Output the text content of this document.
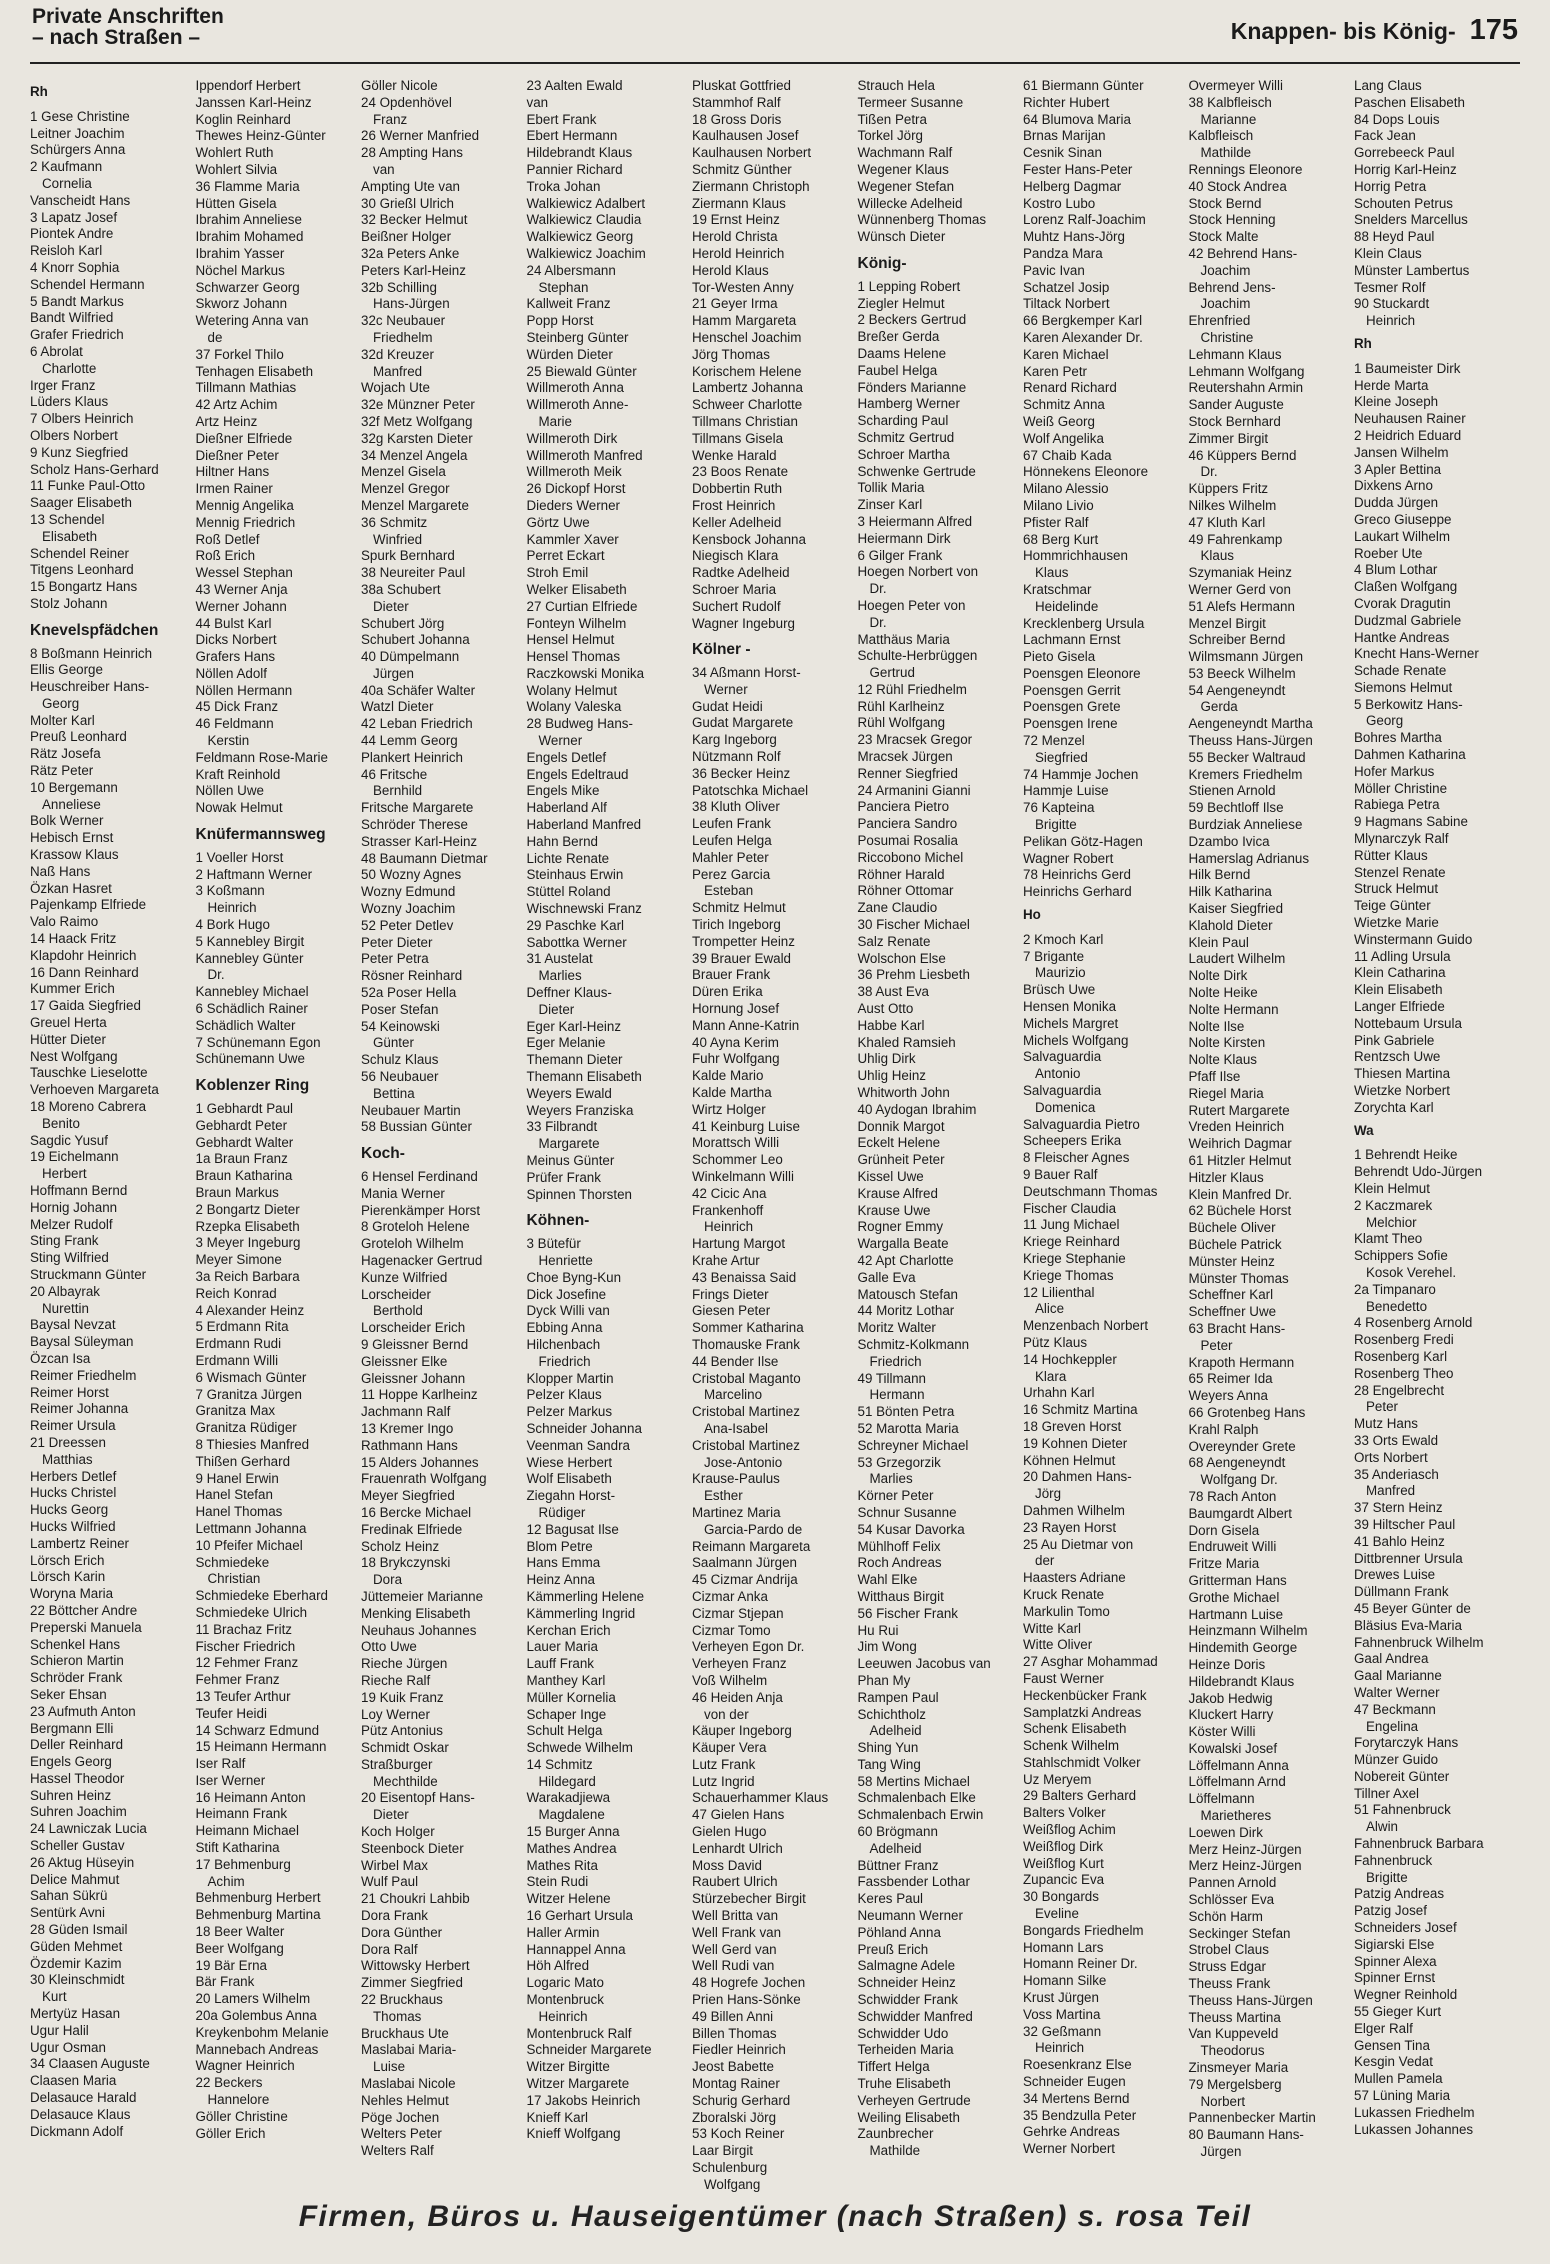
Private Anschriften
– nach Straßen –	Knappen- bis König- 175
Rh
1 Gese Christine
Leitner Joachim
Schürgers Anna
2 Kaufmann
Cornelia
Vanscheidt Hans
3 Lapatz Josef
Piontek Andre
Reisloh Karl
4 Knorr Sophia
Schendel Hermann
5 Bandt Markus
Bandt Wilfried
Grafer Friedrich
6 Abrolat
Charlotte
Irger Franz
Lüders Klaus
7 Olbers Heinrich
Olbers Norbert
9 Kunz Siegfried
Scholz Hans-Gerhard
11 Funke Paul-Otto
Saager Elisabeth
13 Schendel
Elisabeth
Schendel Reiner
Titgens Leonhard
15 Bongartz Hans
Stolz Johann
Knevelspfädchen
8 Boßmann Heinrich
Ellis George
Heuschreiber Hans-
Georg
Molter Karl
Preuß Leonhard
Rätz Josefa
Rätz Peter
10 Bergemann
Anneliese
Bolk Werner
Hebisch Ernst
Krassow Klaus
Naß Hans
Özkan Hasret
Pajenkamp Elfriede
Valo Raimo
14 Haack Fritz
Klapdohr Heinrich
16 Dann Reinhard
Kummer Erich
17 Gaida Siegfried
Greuel Herta
Hütter Dieter
Nest Wolfgang
Tauschke Lieselotte
Verhoeven Margareta
18 Moreno Cabrera
Benito
Sagdic Yusuf
19 Eichelmann
Herbert
Hoffmann Bernd
Hornig Johann
Melzer Rudolf
Sting Frank
Sting Wilfried
Struckmann Günter
20 Albayrak
Nurettin
Baysal Nevzat
Baysal Süleyman
Özcan Isa
Reimer Friedhelm
Reimer Horst
Reimer Johanna
Reimer Ursula
21 Dreessen
Matthias
Herbers Detlef
Hucks Christel
Hucks Georg
Hucks Wilfried
Lambertz Reiner
Lörsch Erich
Lörsch Karin
Woryna Maria
22 Böttcher Andre
Preperski Manuela
Schenkel Hans
Schieron Martin
Schröder Frank
Seker Ehsan
23 Aufmuth Anton
Bergmann Elli
Deller Reinhard
Engels Georg
Hassel Theodor
Suhren Heinz
Suhren Joachim
24 Lawniczak Lucia
Scheller Gustav
26 Aktug Hüseyin
Delice Mahmut
Sahan Sükrü
Sentürk Avni
28 Güden Ismail
Güden Mehmet
Özdemir Kazim
30 Kleinschmidt
Kurt
Mertyüz Hasan
Ugur Halil
Ugur Osman
34 Claasen Auguste
Claasen Maria
Delasauce Harald
Delasauce Klaus
Dickmann Adolf
Ippendorf Herbert
Janssen Karl-Heinz
Koglin Reinhard
Thewes Heinz-Günter
Wohlert Ruth
Wohlert Silvia
36 Flamme Maria
Hütten Gisela
Ibrahim Anneliese
Ibrahim Mohamed
Ibrahim Yasser
Nöchel Markus
Schwarzer Georg
Skworz Johann
Wetering Anna van
de
37 Forkel Thilo
Tenhagen Elisabeth
Tillmann Mathias
42 Artz Achim
Artz Heinz
Dießner Elfriede
Dießner Peter
Hiltner Hans
Irmen Rainer
Mennig Angelika
Mennig Friedrich
Roß Detlef
Roß Erich
Wessel Stephan
43 Werner Anja
Werner Johann
44 Bulst Karl
Dicks Norbert
Grafers Hans
Nöllen Adolf
Nöllen Hermann
45 Dick Franz
46 Feldmann
Kerstin
Feldmann Rose-Marie
Kraft Reinhold
Nöllen Uwe
Nowak Helmut
Knüfermannsweg
1 Voeller Horst
2 Haftmann Werner
3 Koßmann
Heinrich
4 Bork Hugo
5 Kannebley Birgit
Kannebley Günter
Dr.
Kannebley Michael
6 Schädlich Rainer
Schädlich Walter
7 Schünemann Egon
Schünemann Uwe
Koblenzer Ring
1 Gebhardt Paul
Gebhardt Peter
Gebhardt Walter
1a Braun Franz
Braun Katharina
Braun Markus
2 Bongartz Dieter
Rzepka Elisabeth
3 Meyer Ingeburg
Meyer Simone
3a Reich Barbara
Reich Konrad
4 Alexander Heinz
5 Erdmann Rita
Erdmann Rudi
Erdmann Willi
6 Wismach Günter
7 Granitza Jürgen
Granitza Max
Granitza Rüdiger
8 Thiesies Manfred
Thißen Gerhard
9 Hanel Erwin
Hanel Stefan
Hanel Thomas
Lettmann Johanna
10 Pfeifer Michael
Schmiedeke
Christian
Schmiedeke Eberhard
Schmiedeke Ulrich
11 Brachaz Fritz
Fischer Friedrich
12 Fehmer Franz
Fehmer Franz
13 Teufer Arthur
Teufer Heidi
14 Schwarz Edmund
15 Heimann Hermann
Iser Ralf
Iser Werner
16 Heimann Anton
Heimann Frank
Heimann Michael
Stift Katharina
17 Behmenburg
Achim
Behmenburg Herbert
Behmenburg Martina
18 Beer Walter
Beer Wolfgang
19 Bär Erna
Bär Frank
20 Lamers Wilhelm
20a Golembus Anna
Kreykenbohm Melanie
Mannebach Andreas
Wagner Heinrich
22 Beckers
Hannelore
Göller Christine
Göller Erich
Göller Nicole
24 Opdenhövel
Franz
26 Werner Manfried
28 Ampting Hans
van
Ampting Ute van
30 Grießl Ulrich
32 Becker Helmut
Beißner Holger
32a Peters Anke
Peters Karl-Heinz
32b Schilling
Hans-Jürgen
32c Neubauer
Friedhelm
32d Kreuzer
Manfred
Wojach Ute
32e Münzner Peter
32f Metz Wolfgang
32g Karsten Dieter
34 Menzel Angela
Menzel Gisela
Menzel Gregor
Menzel Margarete
36 Schmitz
Winfried
Spurk Bernhard
38 Neureiter Paul
38a Schubert
Dieter
Schubert Jörg
Schubert Johanna
40 Dümpelmann
Jürgen
40a Schäfer Walter
Watzl Dieter
42 Leban Friedrich
44 Lemm Georg
Plankert Heinrich
46 Fritsche
Bernhild
Fritsche Margarete
Schröder Therese
Strasser Karl-Heinz
48 Baumann Dietmar
50 Wozny Agnes
Wozny Edmund
Wozny Joachim
52 Peter Detlev
Peter Dieter
Peter Petra
Rösner Reinhard
52a Poser Hella
Poser Stefan
54 Keinowski
Günter
Schulz Klaus
56 Neubauer
Bettina
Neubauer Martin
58 Bussian Günter
Koch-
6 Hensel Ferdinand
Mania Werner
Pierenkämper Horst
8 Groteloh Helene
Groteloh Wilhelm
Hagenacker Gertrud
Kunze Wilfried
Lorscheider
Berthold
Lorscheider Erich
9 Gleissner Bernd
Gleissner Elke
Gleissner Johann
11 Hoppe Karlheinz
Jachmann Ralf
13 Kremer Ingo
Rathmann Hans
15 Alders Johannes
Frauenrath Wolfgang
Meyer Siegfried
16 Bercke Michael
Fredinak Elfriede
Scholz Heinz
18 Brykczynski
Dora
Jüttemeier Marianne
Menking Elisabeth
Neuhaus Johannes
Otto Uwe
Rieche Jürgen
Rieche Ralf
19 Kuik Franz
Loy Werner
Pütz Antonius
Schmidt Oskar
Straßburger
Mechthilde
20 Eisentopf Hans-
Dieter
Koch Holger
Steenbock Dieter
Wirbel Max
Wulf Paul
21 Choukri Lahbib
Dora Frank
Dora Günther
Dora Ralf
Wittowsky Herbert
Zimmer Siegfried
22 Bruckhaus
Thomas
Bruckhaus Ute
Maslabai Maria-
Luise
Maslabai Nicole
Nehles Helmut
Pöge Jochen
Welters Peter
Welters Ralf
23 Aalten Ewald
van
Ebert Frank
Ebert Hermann
Hildebrandt Klaus
Pannier Richard
Troka Johan
Walkiewicz Adalbert
Walkiewicz Claudia
Walkiewicz Georg
Walkiewicz Joachim
24 Albersmann
Stephan
Kallweit Franz
Popp Horst
Steinberg Günter
Würden Dieter
25 Biewald Günter
Willmeroth Anna
Willmeroth Anne-
Marie
Willmeroth Dirk
Willmeroth Manfred
Willmeroth Meik
26 Dickopf Horst
Dieders Werner
Görtz Uwe
Kammler Xaver
Perret Eckart
Stroh Emil
Welker Elisabeth
27 Curtian Elfriede
Fonteyn Wilhelm
Hensel Helmut
Hensel Thomas
Raczkowski Monika
Wolany Helmut
Wolany Valeska
28 Budweg Hans-
Werner
Engels Detlef
Engels Edeltraud
Engels Mike
Haberland Alf
Haberland Manfred
Hahn Bernd
Lichte Renate
Steinhaus Erwin
Stüttel Roland
Wischnewski Franz
29 Paschke Karl
Sabottka Werner
31 Austelat
Marlies
Deffner Klaus-
Dieter
Eger Karl-Heinz
Eger Melanie
Themann Dieter
Themann Elisabeth
Weyers Ewald
Weyers Franziska
33 Filbrandt
Margarete
Meinus Günter
Prüfer Frank
Spinnen Thorsten
Köhnen-
3 Bütefür
Henriette
Choe Byng-Kun
Dick Josefine
Dyck Willi van
Ebbing Anna
Hilchenbach
Friedrich
Klopper Martin
Pelzer Klaus
Pelzer Markus
Schneider Johanna
Veenman Sandra
Wiese Herbert
Wolf Elisabeth
Ziegahn Horst-
Rüdiger
12 Bagusat Ilse
Blom Petre
Hans Emma
Heinz Anna
Kämmerling Helene
Kämmerling Ingrid
Kerchan Erich
Lauer Maria
Lauff Frank
Manthey Karl
Müller Kornelia
Schaper Inge
Schult Helga
Schwede Wilhelm
14 Schmitz
Hildegard
Warakadjiewa
Magdalene
15 Burger Anna
Mathes Andrea
Mathes Rita
Stein Rudi
Witzer Helene
16 Gerhart Ursula
Haller Armin
Hannappel Anna
Höh Alfred
Logaric Mato
Montenbruck
Heinrich
Montenbruck Ralf
Schneider Margarete
Witzer Birgitte
Witzer Margarete
17 Jakobs Heinrich
Knieff Karl
Knieff Wolfgang
Pluskat Gottfried
Stammhof Ralf
18 Gross Doris
Kaulhausen Josef
Kaulhausen Norbert
Schmitz Günther
Ziermann Christoph
Ziermann Klaus
19 Ernst Heinz
Herold Christa
Herold Heinrich
Herold Klaus
Tor-Westen Anny
21 Geyer Irma
Hamm Margareta
Henschel Joachim
Jörg Thomas
Korischem Helene
Lambertz Johanna
Schweer Charlotte
Tillmans Christian
Tillmans Gisela
Wenke Harald
23 Boos Renate
Dobbertin Ruth
Frost Heinrich
Keller Adelheid
Kensbock Johanna
Niegisch Klara
Radtke Adelheid
Schroer Maria
Suchert Rudolf
Wagner Ingeburg
Kölner -
34 Aßmann Horst-
Werner
Gudat Heidi
Gudat Margarete
Karg Ingeborg
Nützmann Rolf
36 Becker Heinz
Patotschka Michael
38 Kluth Oliver
Leufen Frank
Leufen Helga
Mahler Peter
Perez Garcia
Esteban
Schmitz Helmut
Tirich Ingeborg
Trompetter Heinz
39 Brauer Ewald
Brauer Frank
Düren Erika
Hornung Josef
Mann Anne-Katrin
40 Ayna Kerim
Fuhr Wolfgang
Kalde Mario
Kalde Martha
Wirtz Holger
41 Keinburg Luise
Morattsch Willi
Schommer Leo
Winkelmann Willi
42 Cicic Ana
Frankenhoff
Heinrich
Hartung Margot
Krahe Artur
43 Benaissa Said
Frings Dieter
Giesen Peter
Sommer Katharina
Thomauske Frank
44 Bender Ilse
Cristobal Maganto
Marcelino
Cristobal Martinez
Ana-Isabel
Cristobal Martinez
Jose-Antonio
Krause-Paulus
Esther
Martinez Maria
Garcia-Pardo de
Reimann Margareta
Saalmann Jürgen
45 Cizmar Andrija
Cizmar Anka
Cizmar Stjepan
Cizmar Tomo
Verheyen Egon Dr.
Verheyen Franz
Voß Wilhelm
46 Heiden Anja
von der
Käuper Ingeborg
Käuper Vera
Lutz Frank
Lutz Ingrid
Schauerhammer Klaus
47 Gielen Hans
Gielen Hugo
Lenhardt Ulrich
Moss David
Raubert Ulrich
Stürzebecher Birgit
Well Britta van
Well Frank van
Well Gerd van
Well Rudi van
48 Hogrefe Jochen
Prien Hans-Sönke
49 Billen Anni
Billen Thomas
Fiedler Heinrich
Jeost Babette
Montag Rainer
Schurig Gerhard
Zboralski Jörg
53 Koch Reiner
Laar Birgit
Schulenburg
Wolfgang
Strauch Hela
Termeer Susanne
Tißen Petra
Torkel Jörg
Wachmann Ralf
Wegener Klaus
Wegener Stefan
Willecke Adelheid
Wünnenberg Thomas
Wünsch Dieter
König-
1 Lepping Robert
Ziegler Helmut
2 Beckers Gertrud
Breßer Gerda
Daams Helene
Faubel Helga
Fönders Marianne
Hamberg Werner
Scharding Paul
Schmitz Gertrud
Schroer Martha
Schwenke Gertrude
Tollik Maria
Zinser Karl
3 Heiermann Alfred
Heiermann Dirk
6 Gilger Frank
Hoegen Norbert von
Dr.
Hoegen Peter von
Dr.
Matthäus Maria
Schulte-Herbrüggen
Gertrud
12 Rühl Friedhelm
Rühl Karlheinz
Rühl Wolfgang
23 Mracsek Gregor
Mracsek Jürgen
Renner Siegfried
24 Armanini Gianni
Panciera Pietro
Panciera Sandro
Posumai Rosalia
Riccobono Michel
Röhner Harald
Röhner Ottomar
Zane Claudio
30 Fischer Michael
Salz Renate
Wolschon Else
36 Prehm Liesbeth
38 Aust Eva
Aust Otto
Habbe Karl
Khaled Ramsieh
Uhlig Dirk
Uhlig Heinz
Whitworth John
40 Aydogan Ibrahim
Donnik Margot
Eckelt Helene
Grünheit Peter
Kissel Uwe
Krause Alfred
Krause Uwe
Rogner Emmy
Wargalla Beate
42 Apt Charlotte
Galle Eva
Matousch Stefan
44 Moritz Lothar
Moritz Walter
Schmitz-Kolkmann
Friedrich
49 Tillmann
Hermann
51 Bönten Petra
52 Marotta Maria
Schreyner Michael
53 Grzegorzik
Marlies
Körner Peter
Schnur Susanne
54 Kusar Davorka
Mühlhoff Felix
Roch Andreas
Wahl Elke
Witthaus Birgit
56 Fischer Frank
Hu Rui
Jim Wong
Leeuwen Jacobus van
Phan My
Rampen Paul
Schichtholz
Adelheid
Shing Yun
Tang Wing
58 Mertins Michael
Schmalenbach Elke
Schmalenbach Erwin
60 Brögmann
Adelheid
Büttner Franz
Fassbender Lothar
Keres Paul
Neumann Werner
Pöhland Anna
Preuß Erich
Salmagne Adele
Schneider Heinz
Schwidder Frank
Schwidder Manfred
Schwidder Udo
Terheiden Maria
Tiffert Helga
Truhe Elisabeth
Verheyen Gertrude
Weiling Elisabeth
Zaunbrecher
Mathilde
61 Biermann Günter
Richter Hubert
64 Blumova Maria
Brnas Marijan
Cesnik Sinan
Fester Hans-Peter
Helberg Dagmar
Kostro Lubo
Lorenz Ralf-Joachim
Muhtz Hans-Jörg
Pandza Mara
Pavic Ivan
Schatzel Josip
Tiltack Norbert
66 Bergkemper Karl
Karen Alexander Dr.
Karen Michael
Karen Petr
Renard Richard
Schmitz Anna
Weiß Georg
Wolf Angelika
67 Chaib Kada
Hönnekens Eleonore
Milano Alessio
Milano Livio
Pfister Ralf
68 Berg Kurt
Hommrichhausen
Klaus
Kratschmar
Heidelinde
Krecklenberg Ursula
Lachmann Ernst
Pieto Gisela
Poensgen Eleonore
Poensgen Gerrit
Poensgen Grete
Poensgen Irene
72 Menzel
Siegfried
74 Hammje Jochen
Hammje Luise
76 Kapteina
Brigitte
Pelikan Götz-Hagen
Wagner Robert
78 Heinrichs Gerd
Heinrichs Gerhard
Ho
2 Kmoch Karl
7 Brigante
Maurizio
Brüsch Uwe
Hensen Monika
Michels Margret
Michels Wolfgang
Salvaguardia
Antonio
Salvaguardia
Domenica
Salvaguardia Pietro
Scheepers Erika
8 Fleischer Agnes
9 Bauer Ralf
Deutschmann Thomas
Fischer Claudia
11 Jung Michael
Kriege Reinhard
Kriege Stephanie
Kriege Thomas
12 Lilienthal
Alice
Menzenbach Norbert
Pütz Klaus
14 Hochkeppler
Klara
Urhahn Karl
16 Schmitz Martina
18 Greven Horst
19 Kohnen Dieter
Köhnen Helmut
20 Dahmen Hans-
Jörg
Dahmen Wilhelm
23 Rayen Horst
25 Au Dietmar von
der
Haasters Adriane
Kruck Renate
Markulin Tomo
Witte Karl
Witte Oliver
27 Asghar Mohammad
Faust Werner
Heckenbücker Frank
Samplatzki Andreas
Schenk Elisabeth
Schenk Wilhelm
Stahlschmidt Volker
Uz Meryem
29 Balters Gerhard
Balters Volker
Weißflog Achim
Weißflog Dirk
Weißflog Kurt
Zupancic Eva
30 Bongards
Eveline
Bongards Friedhelm
Homann Lars
Homann Reiner Dr.
Homann Silke
Krust Jürgen
Voss Martina
32 Geßmann
Heinrich
Roesenkranz Else
Schneider Eugen
34 Mertens Bernd
35 Bendzulla Peter
Gehrke Andreas
Werner Norbert
Overmeyer Willi
38 Kalbfleisch
Marianne
Kalbfleisch
Mathilde
Rennings Eleonore
40 Stock Andrea
Stock Bernd
Stock Henning
Stock Malte
42 Behrend Hans-
Joachim
Behrend Jens-
Joachim
Ehrenfried
Christine
Lehmann Klaus
Lehmann Wolfgang
Reutershahn Armin
Sander Auguste
Stock Bernhard
Zimmer Birgit
46 Küppers Bernd
Dr.
Küppers Fritz
Nilkes Wilhelm
47 Kluth Karl
49 Fahrenkamp
Klaus
Szymaniak Heinz
Werner Gerd von
51 Alefs Hermann
Menzel Birgit
Schreiber Bernd
Wilmsmann Jürgen
53 Beeck Wilhelm
54 Aengeneyndt
Gerda
Aengeneyndt Martha
Theuss Hans-Jürgen
55 Becker Waltraud
Kremers Friedhelm
Stienen Arnold
59 Bechtloff Ilse
Burdziak Anneliese
Dzambo Ivica
Hamerslag Adrianus
Hilk Bernd
Hilk Katharina
Kaiser Siegfried
Klahold Dieter
Klein Paul
Laudert Wilhelm
Nolte Dirk
Nolte Heike
Nolte Hermann
Nolte Ilse
Nolte Kirsten
Nolte Klaus
Pfaff Ilse
Riegel Maria
Rutert Margarete
Vreden Heinrich
Weihrich Dagmar
61 Hitzler Helmut
Hitzler Klaus
Klein Manfred Dr.
62 Büchele Horst
Büchele Oliver
Büchele Patrick
Münster Heinz
Münster Thomas
Scheffner Karl
Scheffner Uwe
63 Bracht Hans-
Peter
Krapoth Hermann
65 Reimer Ida
Weyers Anna
66 Grotenbeg Hans
Krahl Ralph
Overeynder Grete
68 Aengeneyndt
Wolfgang Dr.
78 Rach Anton
Baumgardt Albert
Dorn Gisela
Endruweit Willi
Fritze Maria
Gritterman Hans
Grothe Michael
Hartmann Luise
Heinzmann Wilhelm
Hindemith George
Heinze Doris
Hildebrandt Klaus
Jakob Hedwig
Kluckert Harry
Köster Willi
Kowalski Josef
Löffelmann Anna
Löffelmann Arnd
Löffelmann
Marietheres
Loewen Dirk
Merz Heinz-Jürgen
Merz Heinz-Jürgen
Pannen Arnold
Schlösser Eva
Schön Harm
Seckinger Stefan
Strobel Claus
Struss Edgar
Theuss Frank
Theuss Hans-Jürgen
Theuss Martina
Van Kuppeveld
Theodorus
Zinsmeyer Maria
79 Mergelsberg
Norbert
Pannenbecker Martin
80 Baumann Hans-
Jürgen
Lang Claus
Paschen Elisabeth
84 Dops Louis
Fack Jean
Gorrebeeck Paul
Horrig Karl-Heinz
Horrig Petra
Schouten Petrus
Snelders Marcellus
88 Heyd Paul
Klein Claus
Münster Lambertus
Tesmer Rolf
90 Stuckardt
Heinrich
Rh
1 Baumeister Dirk
Herde Marta
Kleine Joseph
Neuhausen Rainer
2 Heidrich Eduard
Jansen Wilhelm
3 Apler Bettina
Dixkens Arno
Dudda Jürgen
Greco Giuseppe
Laukart Wilhelm
Roeber Ute
4 Blum Lothar
Claßen Wolfgang
Cvorak Dragutin
Dudzmal Gabriele
Hantke Andreas
Knecht Hans-Werner
Schade Renate
Siemons Helmut
5 Berkowitz Hans-
Georg
Bohres Martha
Dahmen Katharina
Hofer Markus
Möller Christine
Rabiega Petra
9 Hagmans Sabine
Mlynarczyk Ralf
Rütter Klaus
Stenzel Renate
Struck Helmut
Teige Günter
Wietzke Marie
Winstermann Guido
11 Adling Ursula
Klein Catharina
Klein Elisabeth
Langer Elfriede
Nottebaum Ursula
Pink Gabriele
Rentzsch Uwe
Thiesen Martina
Wietzke Norbert
Zorychta Karl
Wa
1 Behrendt Heike
Behrendt Udo-Jürgen
Klein Helmut
2 Kaczmarek
Melchior
Klamt Theo
Schippers Sofie
Kosok Verehel.
2a Timpanaro
Benedetto
4 Rosenberg Arnold
Rosenberg Fredi
Rosenberg Karl
Rosenberg Theo
28 Engelbrecht
Peter
Mutz Hans
33 Orts Ewald
Orts Norbert
35 Anderiasch
Manfred
37 Stern Heinz
39 Hiltscher Paul
41 Bahlo Heinz
Dittbrenner Ursula
Drewes Luise
Düllmann Frank
45 Beyer Günter de
Bläsius Eva-Maria
Fahnenbruck Wilhelm
Gaal Andrea
Gaal Marianne
Walter Werner
47 Beckmann
Engelina
Forytarczyk Hans
Münzer Guido
Nobereit Günter
Tillner Axel
51 Fahnenbruck
Alwin
Fahnenbruck Barbara
Fahnenbruck
Brigitte
Patzig Andreas
Patzig Josef
Schneiders Josef
Sigiarski Else
Spinner Alexa
Spinner Ernst
Wegner Reinhold
55 Gieger Kurt
Elger Ralf
Gensen Tina
Kesgin Vedat
Mullen Pamela
57 Lüning Maria
Lukassen Friedhelm
Lukassen Johannes
Firmen, Büros u. Hauseigentümer (nach Straßen) s. rosa Teil
